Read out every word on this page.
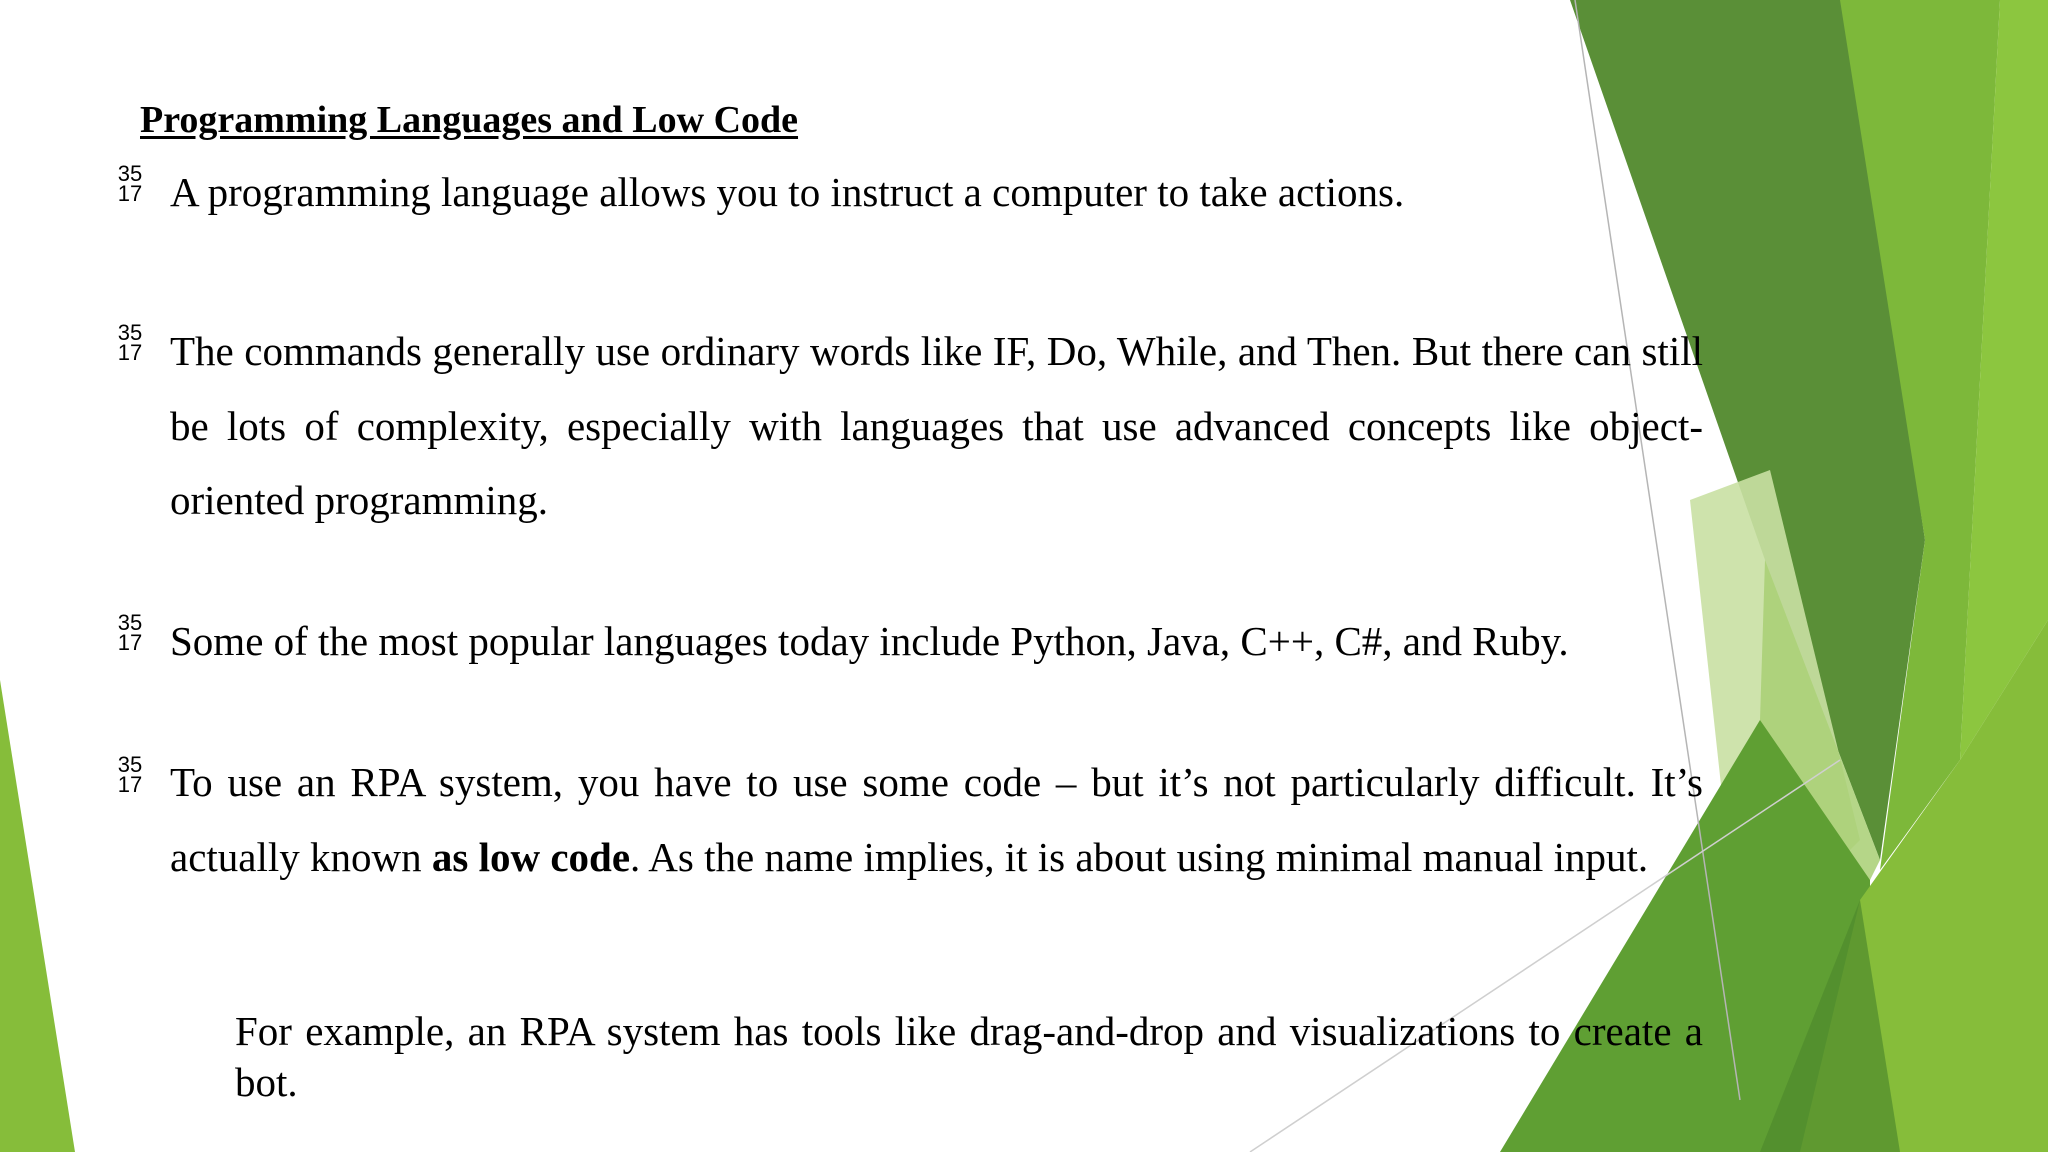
Programming Languages and Low Code
35
17 A programming language allows you to instruct a computer to take actions.
35
17 The commands generally use ordinary words like IF, Do, While, and Then. But there can still be lots of complexity, especially with languages that use advanced concepts like object-oriented programming.
35
17 Some of the most popular languages today include Python, Java, C++, C#, and Ruby.
35
17 To use an RPA system, you have to use some code – but it’s not particularly difficult. It’s actually known as low code. As the name implies, it is about using minimal manual input.
For example, an RPA system has tools like drag-and-drop and visualizations to create a bot.
